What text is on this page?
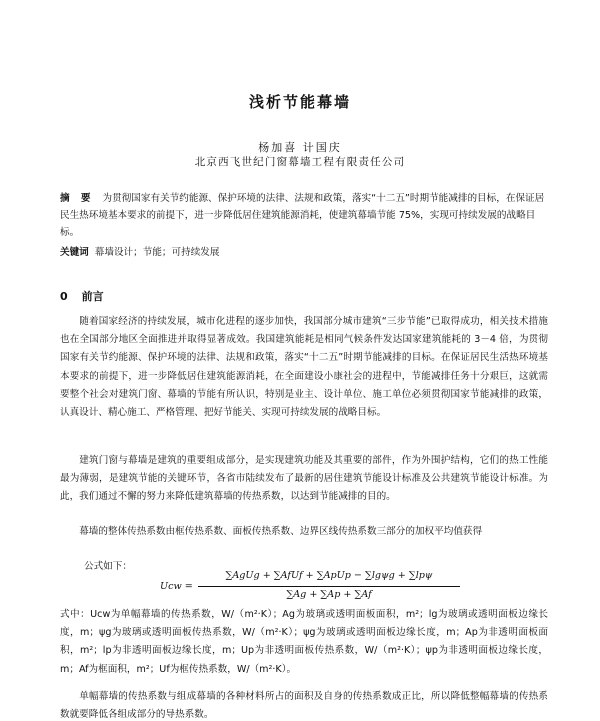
浅析节能幕墙
杨加喜 计国庆
北京西飞世纪门窗幕墙工程有限责任公司
摘 要 为贯彻国家有关节约能源、保护环境的法律、法规和政策，落实“十二五”时期节能减排的目标，在保证居民生热环境基本要求的前提下，进一步降低居住建筑能源消耗，使建筑幕墙节能 75%，实现可持续发展的战略目标。
关键词 幕墙设计；节能；可持续发展
0 前言

随着国家经济的持续发展，城市化进程的逐步加快，我国部分城市建筑“三步节能”已取得成功，相关技术措施也在全国部分地区全面推进并取得显著成效。我国建筑能耗是相同气候条件发达国家建筑能耗的 3－4 倍，为贯彻国家有关节约能源、保护环境的法律、法规和政策，落实“十二五”时期节能减排的目标。在保证居民生活热环境基本要求的前提下，进一步降低居住建筑能源消耗，在全面建设小康社会的进程中，节能减排任务十分艰巨，这就需要整个社会对建筑门窗、幕墙的节能有所认识，特别是业主、设计单位、施工单位必须贯彻国家节能减排的政策，认真设计、精心施工、严格管理、把好节能关、实现可持续发展的战略目标。

建筑门窗与幕墙是建筑的重要组成部分，是实现建筑功能及其重要的部件，作为外围护结构，它们的热工性能最为薄弱，是建筑节能的关键环节，各省市陆续发布了最新的居住建筑节能设计标准及公共建筑节能设计标准。为此，我们通过不懈的努力来降低建筑幕墙的传热系数，以达到节能减排的目的。

幕墙的整体传热系数由框传热系数、面板传热系数、边界区线传热系数三部分的加权平均值获得

公式如下：
Ucw =
∑AgUg + ∑AfUf + ∑ApUp − ∑lgψg + ∑lpψ
∑Ag + ∑Ap + ∑Af

式中：Ucw为单幅幕墙的传热系数，W/（m²·K）；Ag为玻璃或透明面板面积，m²；lg为玻璃或透明面板边缘长度，m；ψg为玻璃或透明面板传热系数，W/（m²·K）；ψg为玻璃或透明面板边缘长度，m；Ap为非透明面板面积，m²；lp为非透明面板边缘长度，m；Up为非透明面板传热系数，W/（m²·K）；ψp为非透明面板边缘长度，m；Af为框面积，m²；Uf为框传热系数，W/（m²·K）。

单幅幕墙的传热系数与组成幕墙的各种材料所占的面积及自身的传热系数成正比，所以降低整幅幕墙的传热系数就要降低各组成部分的导热系数。
